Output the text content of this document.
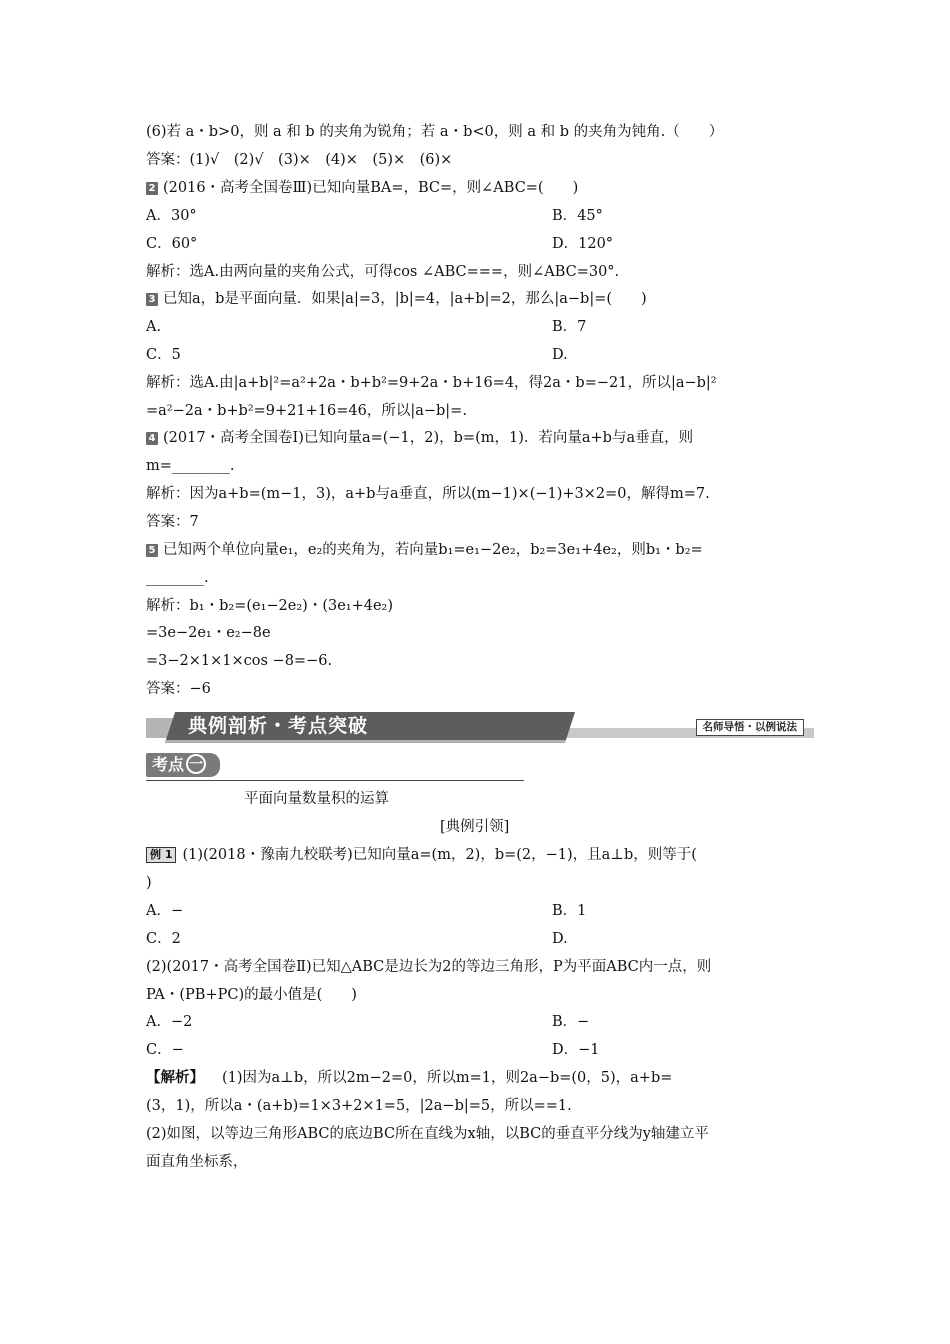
(6)若 a・b>0，则 a 和 b 的夹角为锐角；若 a・b<0，则 a 和 b 的夹角为钝角.（　　）
答案：(1)√　(2)√　(3)×　(4)×　(5)×　(6)×
2 (2016・高考全国卷Ⅲ)已知向量BA=，BC=，则∠ABC=(　　)
A．30°	B．45°
C．60°	D．120°
解析：选A.由两向量的夹角公式，可得cos ∠ABC===，则∠ABC=30°.
3 已知a，b是平面向量．如果|a|=3，|b|=4，|a+b|=2，那么|a−b|=(　　)
A.	B．7
C．5	D.
解析：选A.由|a+b|²=a²+2a・b+b²=9+2a・b+16=4，得2a・b=−21，所以|a−b|²
=a²−2a・b+b²=9+21+16=46，所以|a−b|=.
4 (2017・高考全国卷Ⅰ)已知向量a=(−1，2)，b=(m，1)．若向量a+b与a垂直，则
m=________.
解析：因为a+b=(m−1，3)，a+b与a垂直，所以(m−1)×(−1)+3×2=0，解得m=7.
答案：7
5 已知两个单位向量e₁，e₂的夹角为，若向量b₁=e₁−2e₂，b₂=3e₁+4e₂，则b₁・b₂=
________.
解析：b₁・b₂=(e₁−2e₂)・(3e₁+4e₂)
=3e−2e₁・e₂−8e
=3−2×1×1×cos −8=−6.
答案：−6
典例剖析・考点突破	名师导悟・以例说法
考点 一
平面向量数量积的运算
[典例引领]
例 1 (1)(2018・豫南九校联考)已知向量a=(m，2)，b=(2，−1)，且a⊥b，则等于(
)
A．−	B．1
C．2	D.
(2)(2017・高考全国卷Ⅱ)已知△ABC是边长为2的等边三角形，P为平面ABC内一点，则
PA・(PB+PC)的最小值是(　　)
A．−2	B．−
C．−	D．−1
【解析】 (1)因为a⊥b，所以2m−2=0，所以m=1，则2a−b=(0，5)，a+b=
(3，1)，所以a・(a+b)=1×3+2×1=5，|2a−b|=5，所以==1.
(2)如图，以等边三角形ABC的底边BC所在直线为x轴，以BC的垂直平分线为y轴建立平
面直角坐标系，
